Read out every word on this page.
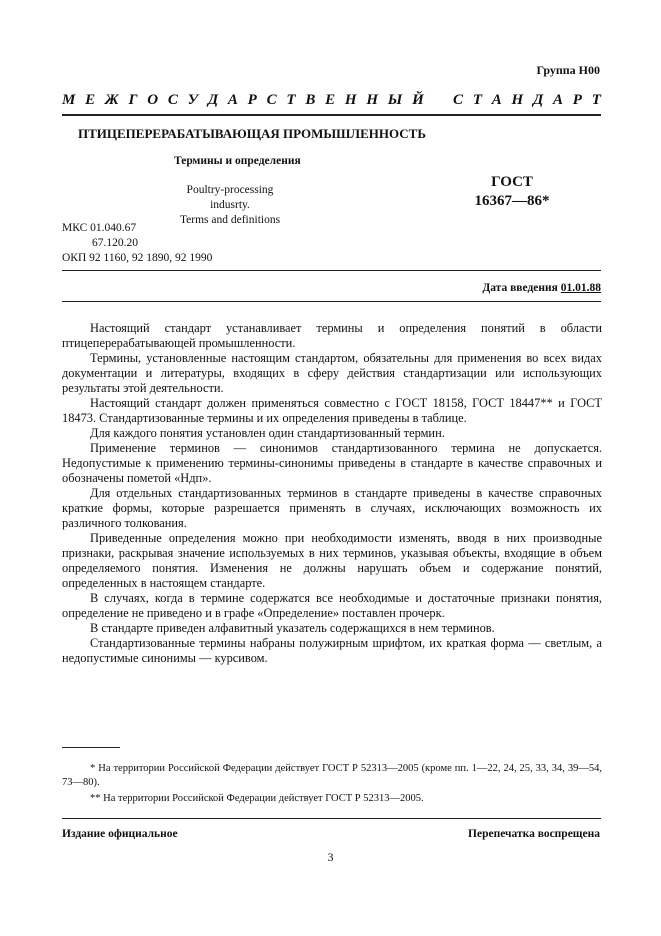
Группа Н00
М Е Ж Г О С У Д А Р С Т В Е Н Н Ы Й С Т А Н Д А Р Т
ПТИЦЕПЕРЕРАБАТЫВАЮЩАЯ ПРОМЫШЛЕННОСТЬ
Термины и определения
Poultry-processing indusrty.
Terms and definitions
ГОСТ
16367—86*
МКС 01.040.67
67.120.20
ОКП 92 1160, 92 1890, 92 1990
Дата введения 01.01.88

Настоящий стандарт устанавливает термины и определения понятий в области птицеперерабатывающей промышленности.

Термины, установленные настоящим стандартом, обязательны для применения во всех видах документации и литературы, входящих в сферу действия стандартизации или использующих результаты этой деятельности.

Настоящий стандарт должен применяться совместно с ГОСТ 18158, ГОСТ 18447** и ГОСТ 18473. Стандартизованные термины и их определения приведены в таблице.

Для каждого понятия установлен один стандартизованный термин.

Применение терминов — синонимов стандартизованного термина не допускается. Недопустимые к применению термины-синонимы приведены в стандарте в качестве справочных и обозначены пометой «Ндп».

Для отдельных стандартизованных терминов в стандарте приведены в качестве справочных краткие формы, которые разрешается применять в случаях, исключающих возможность их различного толкования.

Приведенные определения можно при необходимости изменять, вводя в них производные признаки, раскрывая значение используемых в них терминов, указывая объекты, входящие в объем определяемого понятия. Изменения не должны нарушать объем и содержание понятий, определенных в настоящем стандарте.

В случаях, когда в термине содержатся все необходимые и достаточные признаки понятия, определение не приведено и в графе «Определение» поставлен прочерк.

В стандарте приведен алфавитный указатель содержащихся в нем терминов.

Стандартизованные термины набраны полужирным шрифтом, их краткая форма — светлым, а недопустимые синонимы — курсивом.

* На территории Российской Федерации действует ГОСТ Р 52313—2005 (кроме пп. 1—22, 24, 25, 33, 34, 39—54, 73—80).

** На территории Российской Федерации действует ГОСТ Р 52313—2005.

Издание официальное	Перепечатка воспрещена
3
